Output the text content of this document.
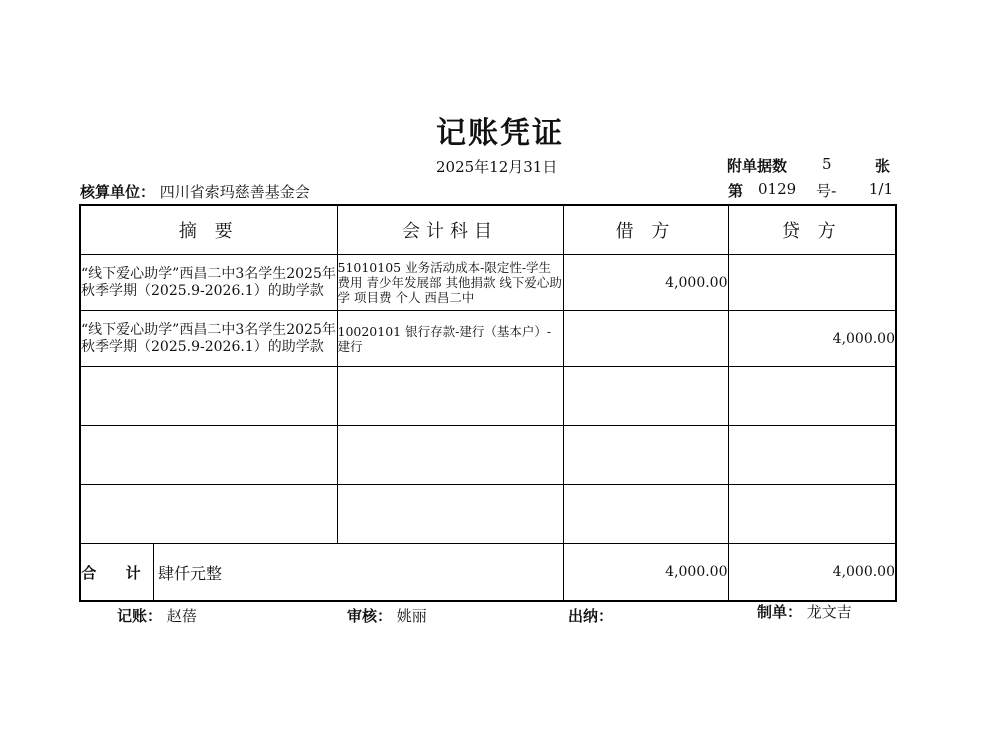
记账凭证
2025年12月31日	附单据数 5	张
核算单位： 四川省索玛慈善基金会	第 0129 号- 1/1
摘 要	会计科目	借 方	贷 方
“线下爱心助学”西昌二中3名学生2025年秋季学期（2025.9-2026.1）的助学款	51010105 业务活动成本-限定性-学生费用 青少年发展部 其他捐款 线下爱心助学 项目费 个人 西昌二中	4,000.00	
“线下爱心助学”西昌二中3名学生2025年秋季学期（2025.9-2026.1）的助学款	10020101 银行存款-建行（基本户）-建行		4,000.00

合 计 肆仟元整		4,000.00	4,000.00
记账： 赵蓓	审核： 姚丽	出纳：	制单： 龙文吉
